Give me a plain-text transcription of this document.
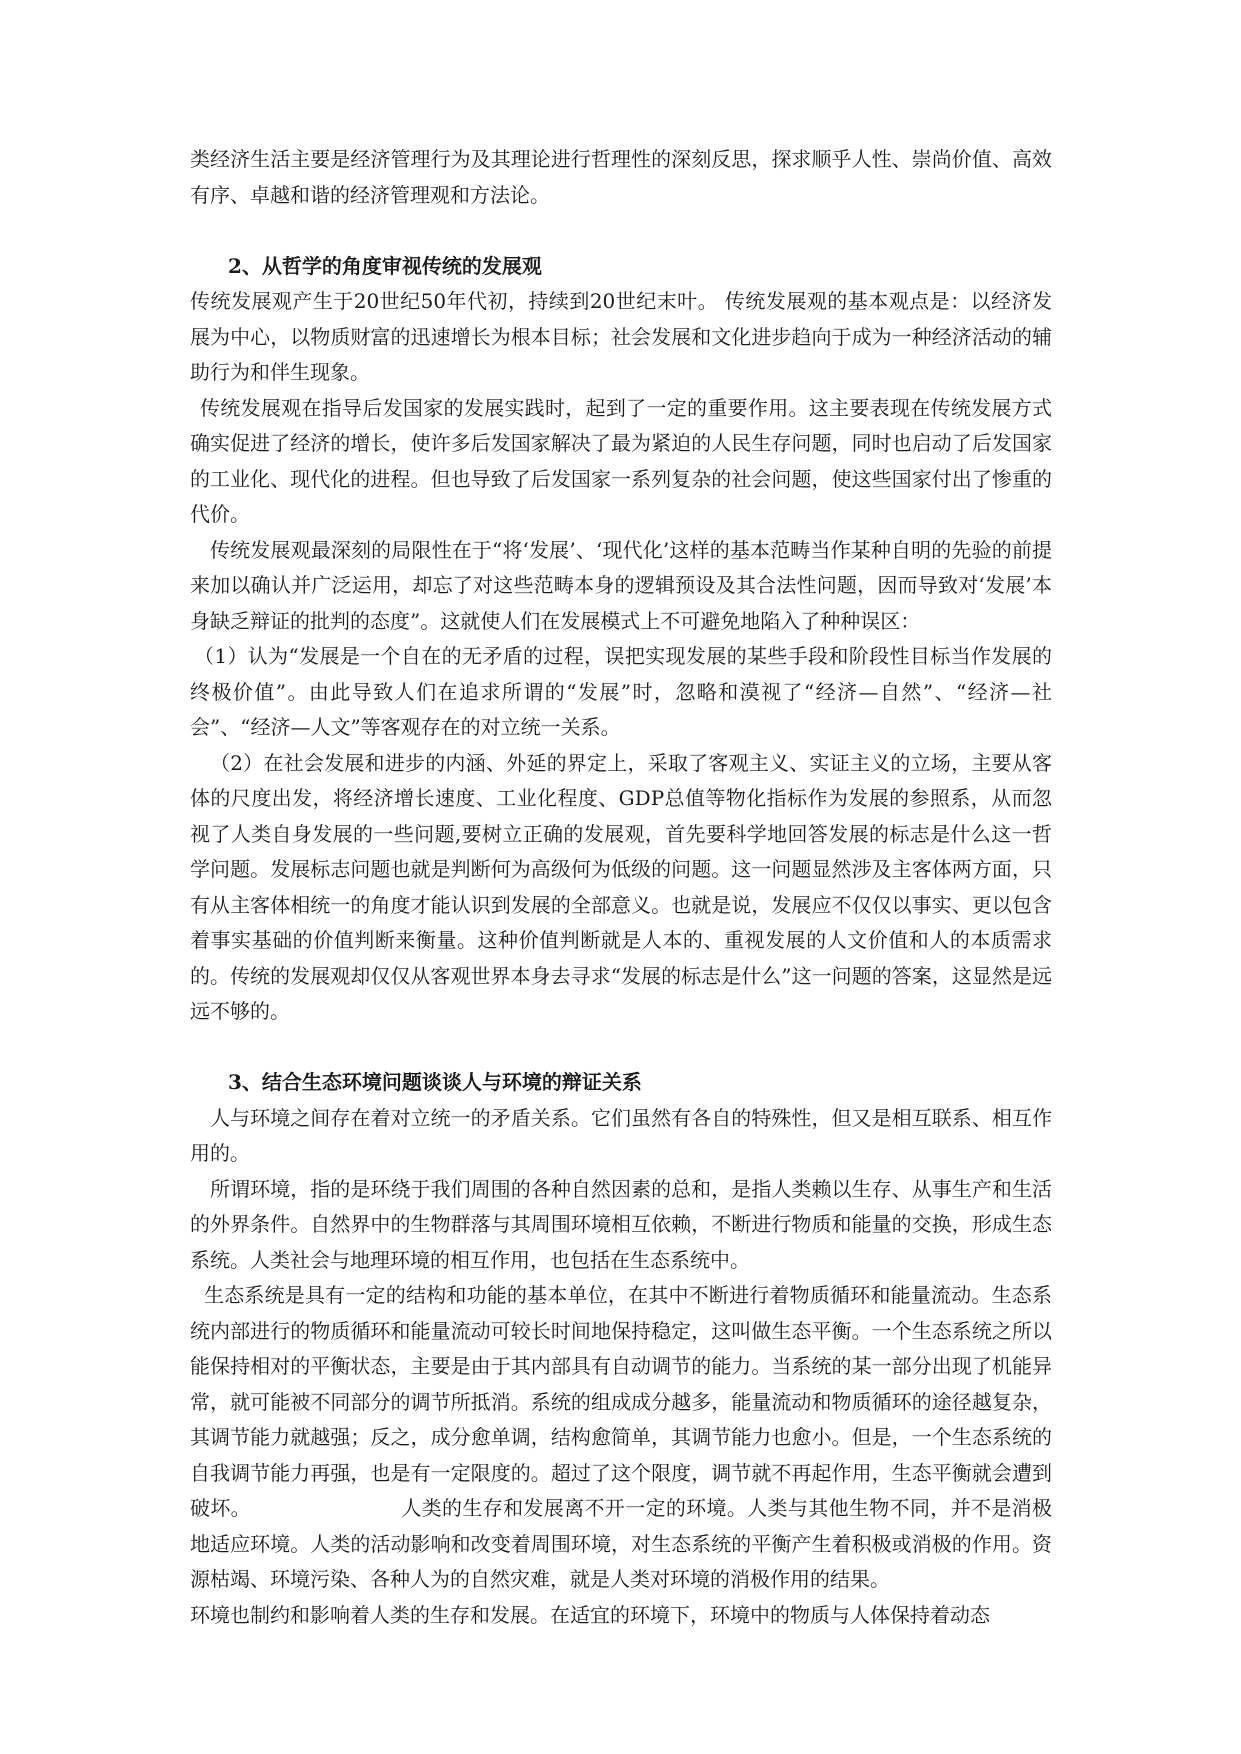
类经济生活主要是经济管理行为及其理论进行哲理性的深刻反思，探求顺乎人性、崇尚价值、高效有序、卓越和谐的经济管理观和方法论。

2、从哲学的角度审视传统的发展观

传统发展观产生于20世纪50年代初，持续到20世纪末叶。 传统发展观的基本观点是：以经济发展为中心，以物质财富的迅速增长为根本目标；社会发展和文化进步趋向于成为一种经济活动的辅助行为和伴生现象。

传统发展观在指导后发国家的发展实践时，起到了一定的重要作用。这主要表现在传统发展方式确实促进了经济的增长，使许多后发国家解决了最为紧迫的人民生存问题，同时也启动了后发国家的工业化、现代化的进程。但也导致了后发国家一系列复杂的社会问题，使这些国家付出了惨重的代价。

传统发展观最深刻的局限性在于“将‘发展’、‘现代化’这样的基本范畴当作某种自明的先验的前提来加以确认并广泛运用，却忘了对这些范畴本身的逻辑预设及其合法性问题，因而导致对‘发展’本身缺乏辩证的批判的态度”。这就使人们在发展模式上不可避免地陷入了种种误区：

（1）认为“发展是一个自在的无矛盾的过程，误把实现发展的某些手段和阶段性目标当作发展的终极价值”。由此导致人们在追求所谓的“发展”时，忽略和漠视了“经济—自然”、“经济—社会”、“经济—人文”等客观存在的对立统一关系。

（2）在社会发展和进步的内涵、外延的界定上，采取了客观主义、实证主义的立场，主要从客体的尺度出发，将经济增长速度、工业化程度、GDP总值等物化指标作为发展的参照系，从而忽视了人类自身发展的一些问题,要树立正确的发展观，首先要科学地回答发展的标志是什么这一哲学问题。发展标志问题也就是判断何为高级何为低级的问题。这一问题显然涉及主客体两方面，只有从主客体相统一的角度才能认识到发展的全部意义。也就是说，发展应不仅仅以事实、更以包含着事实基础的价值判断来衡量。这种价值判断就是人本的、重视发展的人文价值和人的本质需求的。传统的发展观却仅仅从客观世界本身去寻求“发展的标志是什么”这一问题的答案，这显然是远远不够的。

3、结合生态环境问题谈谈人与环境的辩证关系

人与环境之间存在着对立统一的矛盾关系。它们虽然有各自的特殊性，但又是相互联系、相互作用的。

所谓环境，指的是环绕于我们周围的各种自然因素的总和，是指人类赖以生存、从事生产和生活的外界条件。自然界中的生物群落与其周围环境相互依赖，不断进行物质和能量的交换，形成生态系统。人类社会与地理环境的相互作用，也包括在生态系统中。

生态系统是具有一定的结构和功能的基本单位，在其中不断进行着物质循环和能量流动。生态系统内部进行的物质循环和能量流动可较长时间地保持稳定，这叫做生态平衡。一个生态系统之所以能保持相对的平衡状态，主要是由于其内部具有自动调节的能力。当系统的某一部分出现了机能异常，就可能被不同部分的调节所抵消。系统的组成成分越多，能量流动和物质循环的途径越复杂，其调节能力就越强；反之，成分愈单调，结构愈简单，其调节能力也愈小。但是，一个生态系统的自我调节能力再强，也是有一定限度的。超过了这个限度，调节就不再起作用，生态平衡就会遭到破坏。	人类的生存和发展离不开一定的环境。人类与其他生物不同，并不是消极地适应环境。人类的活动影响和改变着周围环境，对生态系统的平衡产生着积极或消极的作用。资源枯竭、环境污染、各种人为的自然灾难，就是人类对环境的消极作用的结果。

环境也制约和影响着人类的生存和发展。在适宜的环境下，环境中的物质与人体保持着动态
